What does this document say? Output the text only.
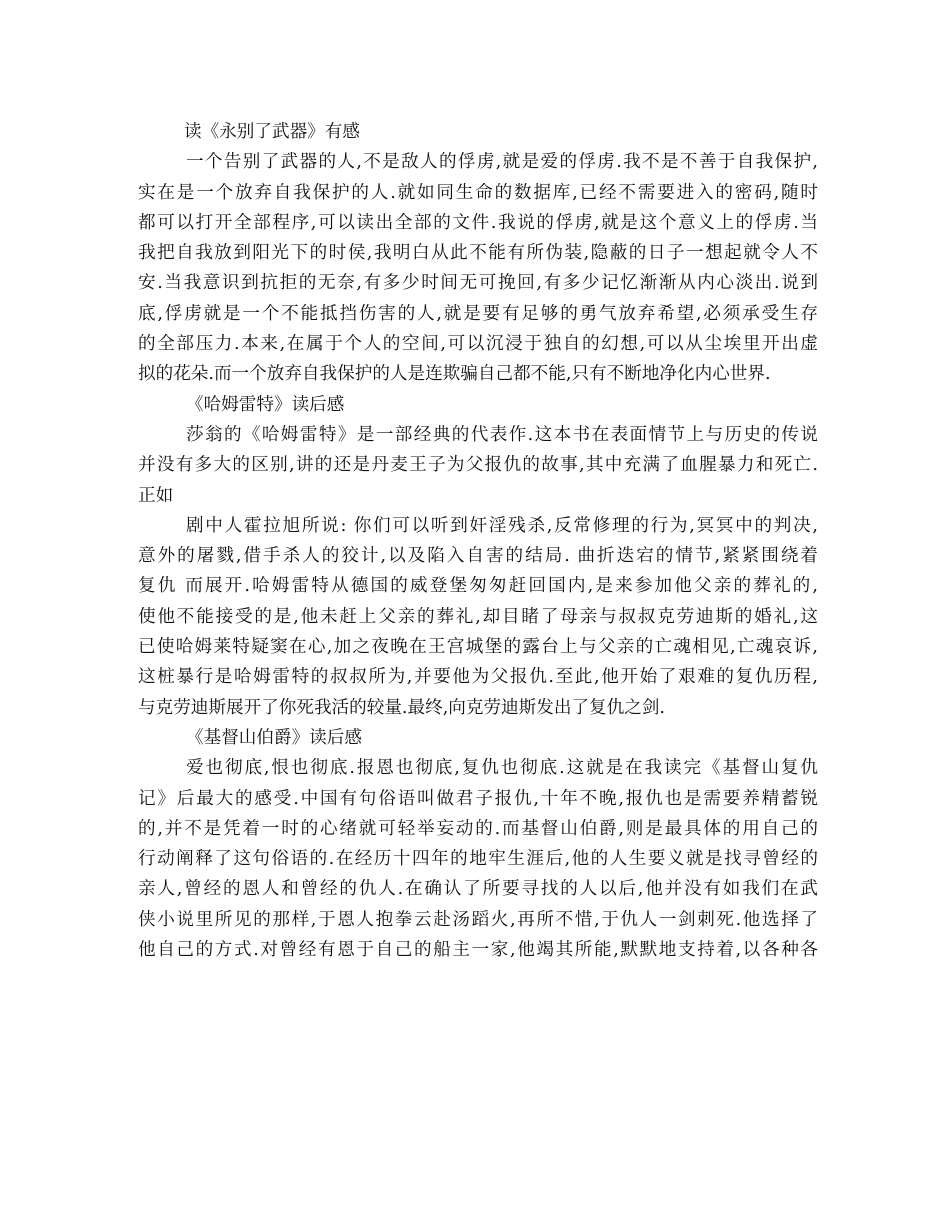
读《永别了武器》有感
一个告别了武器的人,不是敌人的俘虏,就是爱的俘虏.我不是不善于自我保护,
实在是一个放弃自我保护的人.就如同生命的数据库,已经不需要进入的密码,随时
都可以打开全部程序,可以读出全部的文件.我说的俘虏,就是这个意义上的俘虏.当
我把自我放到阳光下的时侯,我明白从此不能有所伪装,隐蔽的日子一想起就令人不
安.当我意识到抗拒的无奈,有多少时间无可挽回,有多少记忆渐渐从内心淡出.说到
底,俘虏就是一个不能抵挡伤害的人,就是要有足够的勇气放弃希望,必须承受生存
的全部压力.本来,在属于个人的空间,可以沉浸于独自的幻想,可以从尘埃里开出虚
拟的花朵.而一个放弃自我保护的人是连欺骗自己都不能,只有不断地净化内心世界.
《哈姆雷特》读后感
莎翁的《哈姆雷特》是一部经典的代表作.这本书在表面情节上与历史的传说
并没有多大的区别,讲的还是丹麦王子为父报仇的故事,其中充满了血腥暴力和死亡.
正如
剧中人霍拉旭所说: 你们可以听到奸淫残杀,反常修理的行为,冥冥中的判决,
意外的屠戮,借手杀人的狡计,以及陷入自害的结局. 曲折迭宕的情节,紧紧围绕着
复仇 而展开.哈姆雷特从德国的威登堡匆匆赶回国内,是来参加他父亲的葬礼的,
使他不能接受的是,他未赶上父亲的葬礼,却目睹了母亲与叔叔克劳迪斯的婚礼,这
已使哈姆莱特疑窦在心,加之夜晚在王宫城堡的露台上与父亲的亡魂相见,亡魂哀诉,
这桩暴行是哈姆雷特的叔叔所为,并要他为父报仇.至此,他开始了艰难的复仇历程,
与克劳迪斯展开了你死我活的较量.最终,向克劳迪斯发出了复仇之剑.
《基督山伯爵》读后感
爱也彻底,恨也彻底.报恩也彻底,复仇也彻底.这就是在我读完《基督山复仇
记》后最大的感受.中国有句俗语叫做君子报仇,十年不晚,报仇也是需要养精蓄锐
的,并不是凭着一时的心绪就可轻举妄动的.而基督山伯爵,则是最具体的用自己的
行动阐释了这句俗语的.在经历十四年的地牢生涯后,他的人生要义就是找寻曾经的
亲人,曾经的恩人和曾经的仇人.在确认了所要寻找的人以后,他并没有如我们在武
侠小说里所见的那样,于恩人抱拳云赴汤蹈火,再所不惜,于仇人一剑刺死.他选择了
他自己的方式.对曾经有恩于自己的船主一家,他竭其所能,默默地支持着,以各种各
